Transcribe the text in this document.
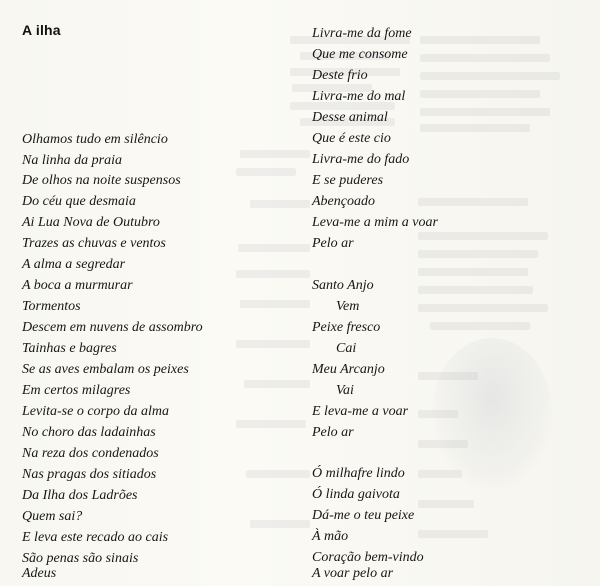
A ilha
Olhamos tudo em silêncio
Na linha da praia
De olhos na noite suspensos
Do céu que desmaia
Ai Lua Nova de Outubro
Trazes as chuvas e ventos
A alma a segredar
A boca a murmurar
Tormentos
Descem em nuvens de assombro
Tainhas e bagres
Se as aves embalam os peixes
Em certos milagres
Levita-se o corpo da alma
No choro das ladainhas
Na reza dos condenados
Nas pragas dos sitiados
Da Ilha dos Ladrões
Quem sai?
E leva este recado ao cais
São penas são sinais
Adeus
Livra-me da fome
Que me consome
Deste frio
Livra-me do mal
Desse animal
Que é este cio
Livra-me do fado
E se puderes
Abençoado
Leva-me a mim a voar
Pelo ar
Santo Anjo
Vem
Peixe fresco
Cai
Meu Arcanjo
Vai
E leva-me a voar
Pelo ar
Ó milhafre lindo
Ó linda gaivota
Dá-me o teu peixe
À mão
Coração bem-vindo
A voar pelo ar
